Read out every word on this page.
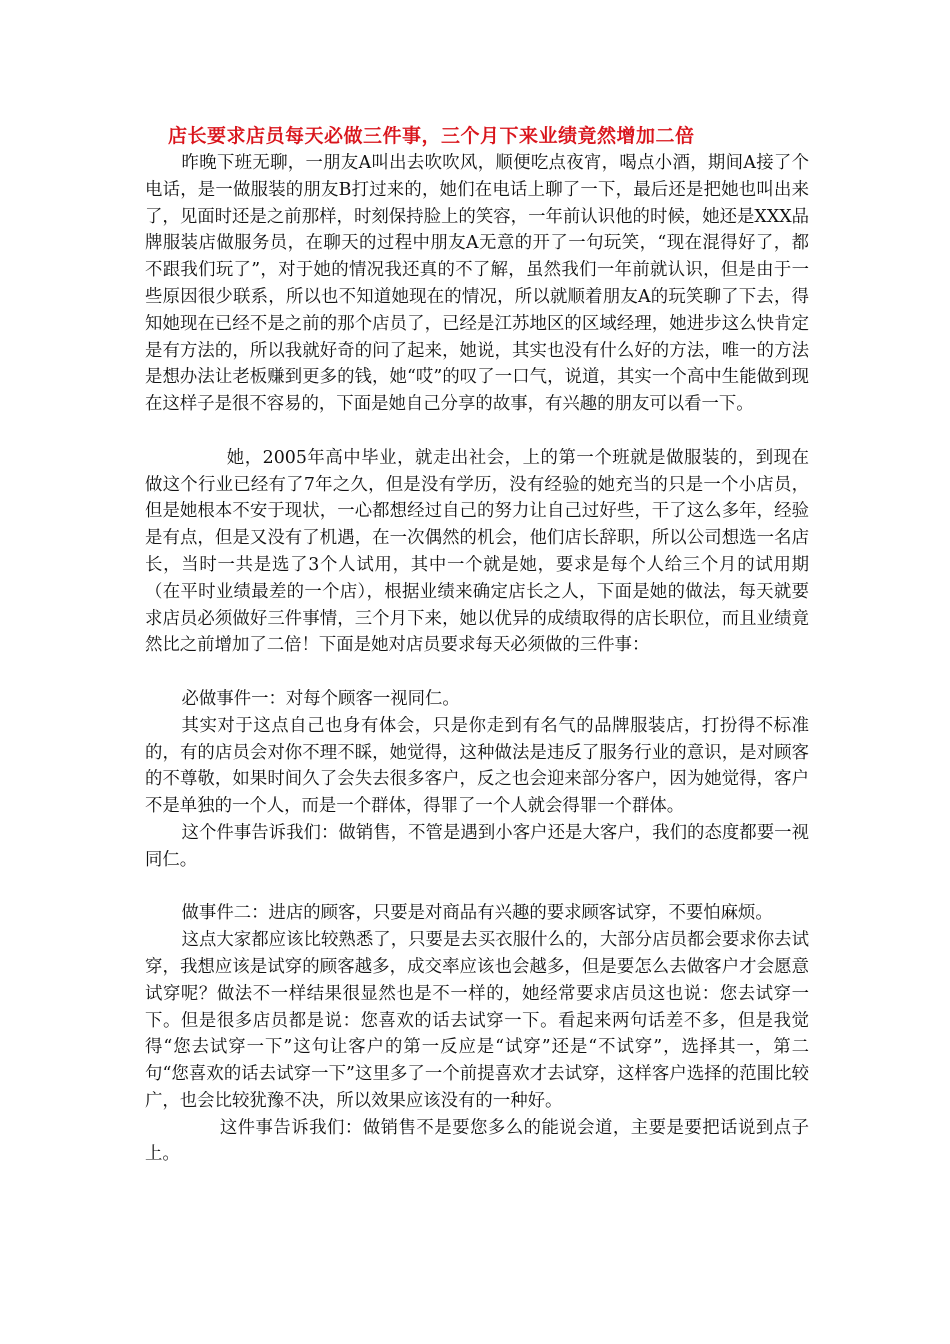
店长要求店员每天必做三件事，三个月下来业绩竟然增加二倍

昨晚下班无聊，一朋友A叫出去吹吹风，顺便吃点夜宵，喝点小酒，期间A接了个电话，是一做服装的朋友B打过来的，她们在电话上聊了一下，最后还是把她也叫出来了，见面时还是之前那样，时刻保持脸上的笑容，一年前认识他的时候，她还是XXX品牌服装店做服务员，在聊天的过程中朋友A无意的开了一句玩笑，“现在混得好了，都不跟我们玩了”，对于她的情况我还真的不了解，虽然我们一年前就认识，但是由于一些原因很少联系，所以也不知道她现在的情况，所以就顺着朋友A的玩笑聊了下去，得知她现在已经不是之前的那个店员了，已经是江苏地区的区域经理，她进步这么快肯定是有方法的，所以我就好奇的问了起来，她说，其实也没有什么好的方法，唯一的方法是想办法让老板赚到更多的钱，她“哎”的叹了一口气，说道，其实一个高中生能做到现在这样子是很不容易的，下面是她自己分享的故事，有兴趣的朋友可以看一下。

她，2005年高中毕业，就走出社会，上的第一个班就是做服装的，到现在做这个行业已经有了7年之久，但是没有学历，没有经验的她充当的只是一个小店员，但是她根本不安于现状，一心都想经过自己的努力让自己过好些，干了这么多年，经验是有点，但是又没有了机遇，在一次偶然的机会，他们店长辞职，所以公司想选一名店长，当时一共是选了3个人试用，其中一个就是她，要求是每个人给三个月的试用期（在平时业绩最差的一个店），根据业绩来确定店长之人，下面是她的做法，每天就要求店员必须做好三件事情，三个月下来，她以优异的成绩取得的店长职位，而且业绩竟然比之前增加了二倍！下面是她对店员要求每天必须做的三件事：

必做事件一：对每个顾客一视同仁。

其实对于这点自己也身有体会，只是你走到有名气的品牌服装店，打扮得不标准的，有的店员会对你不理不睬，她觉得，这种做法是违反了服务行业的意识，是对顾客的不尊敬，如果时间久了会失去很多客户，反之也会迎来部分客户，因为她觉得，客户不是单独的一个人，而是一个群体，得罪了一个人就会得罪一个群体。

这个件事告诉我们：做销售，不管是遇到小客户还是大客户，我们的态度都要一视同仁。

做事件二：进店的顾客，只要是对商品有兴趣的要求顾客试穿，不要怕麻烦。

这点大家都应该比较熟悉了，只要是去买衣服什么的，大部分店员都会要求你去试穿，我想应该是试穿的顾客越多，成交率应该也会越多，但是要怎么去做客户才会愿意试穿呢？做法不一样结果很显然也是不一样的，她经常要求店员这也说：您去试穿一下。但是很多店员都是说：您喜欢的话去试穿一下。看起来两句话差不多，但是我觉得“您去试穿一下”这句让客户的第一反应是“试穿”还是“不试穿”，选择其一，第二句“您喜欢的话去试穿一下”这里多了一个前提喜欢才去试穿，这样客户选择的范围比较广，也会比较犹豫不决，所以效果应该没有的一种好。

这件事告诉我们：做销售不是要您多么的能说会道，主要是要把话说到点子上。
